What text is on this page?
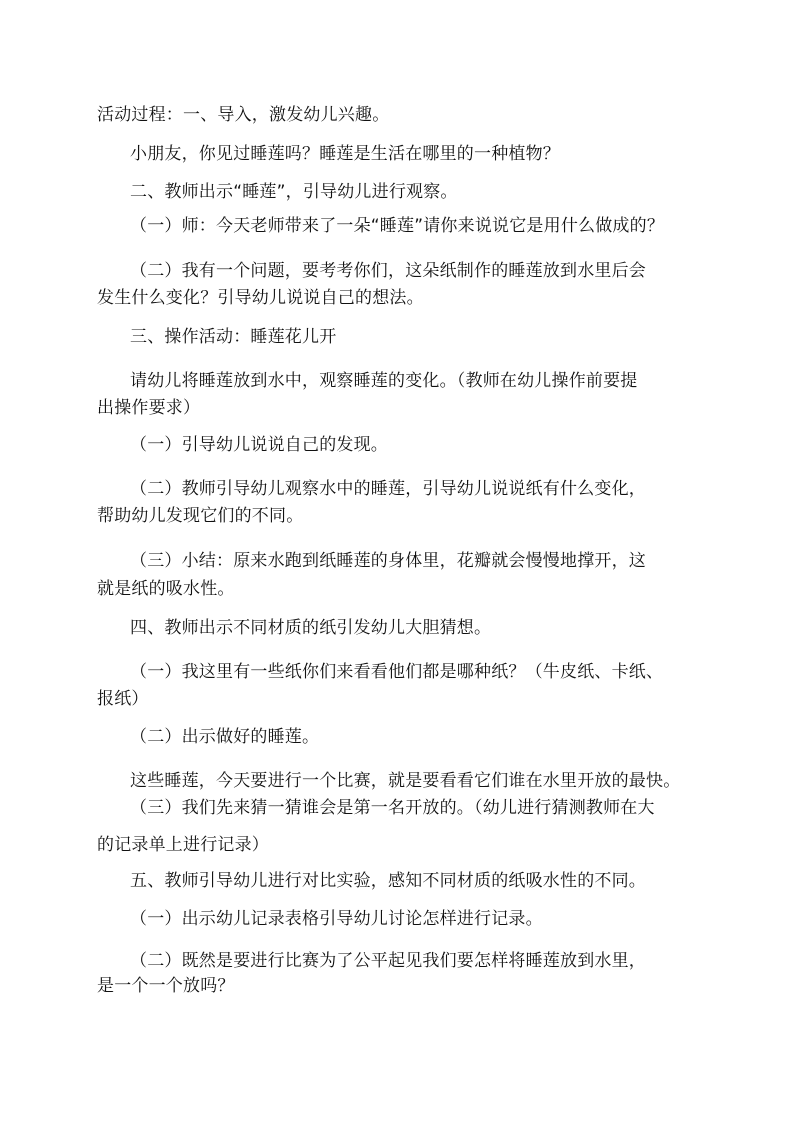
活动过程：一、导入，激发幼儿兴趣。
小朋友，你见过睡莲吗？睡莲是生活在哪里的一种植物？
二、教师出示“睡莲”，引导幼儿进行观察。
（一）师：今天老师带来了一朵“睡莲”请你来说说它是用什么做成的？
（二）我有一个问题，要考考你们，这朵纸制作的睡莲放到水里后会
发生什么变化？引导幼儿说说自己的想法。
三、操作活动：睡莲花儿开
请幼儿将睡莲放到水中，观察睡莲的变化。（教师在幼儿操作前要提
出操作要求）
（一）引导幼儿说说自己的发现。
（二）教师引导幼儿观察水中的睡莲，引导幼儿说说纸有什么变化，
帮助幼儿发现它们的不同。
（三）小结：原来水跑到纸睡莲的身体里，花瓣就会慢慢地撑开，这
就是纸的吸水性。
四、教师出示不同材质的纸引发幼儿大胆猜想。
（一）我这里有一些纸你们来看看他们都是哪种纸？（牛皮纸、卡纸、
报纸）
（二）出示做好的睡莲。
这些睡莲，今天要进行一个比赛，就是要看看它们谁在水里开放的最快。
（三）我们先来猜一猜谁会是第一名开放的。（幼儿进行猜测教师在大
的记录单上进行记录）
五、教师引导幼儿进行对比实验，感知不同材质的纸吸水性的不同。
（一）出示幼儿记录表格引导幼儿讨论怎样进行记录。
（二）既然是要进行比赛为了公平起见我们要怎样将睡莲放到水里，
是一个一个放吗？
